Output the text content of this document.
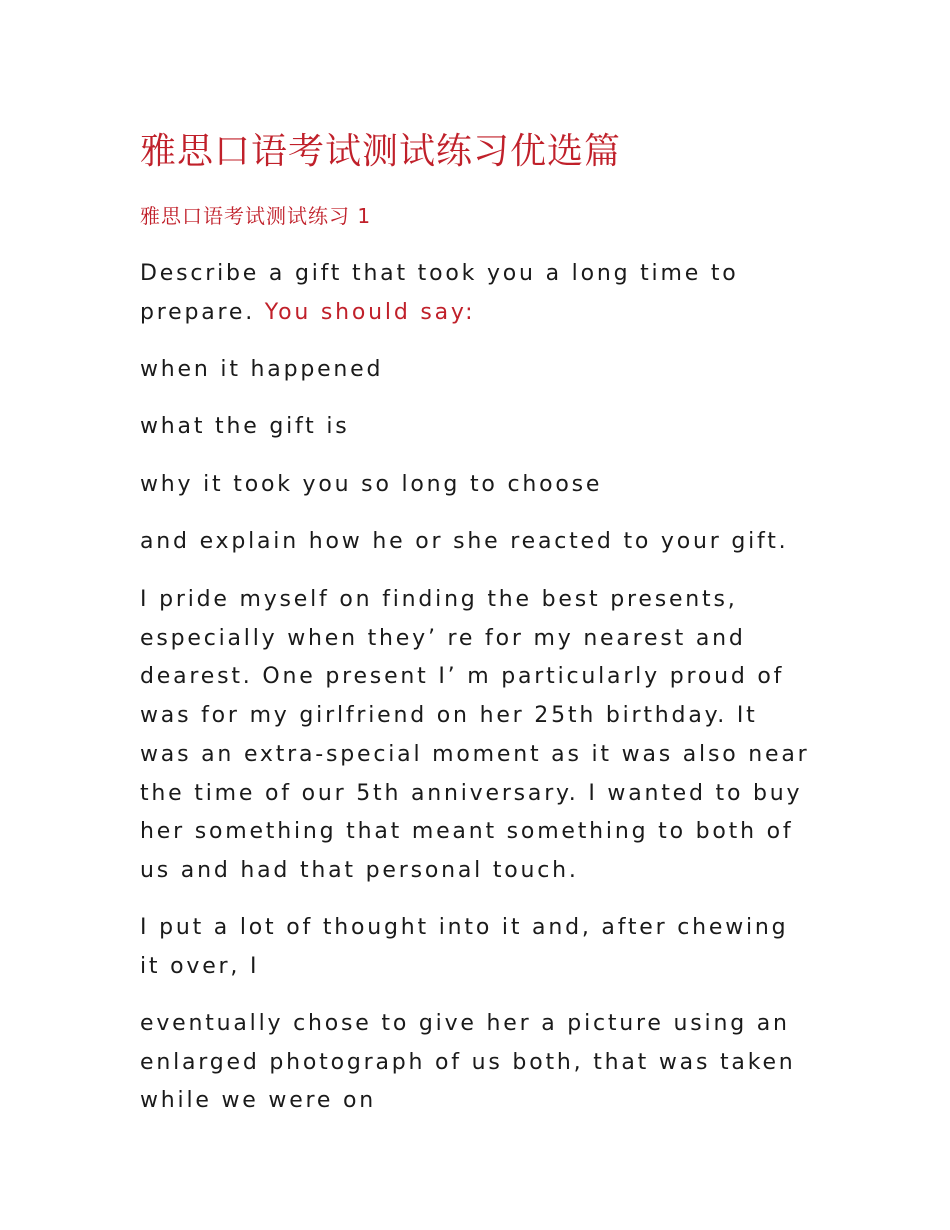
雅思口语考试测试练习优选篇
雅思口语考试测试练习 1
Describe a gift that took you a long time to
prepare. You should say:
when it happened
what the gift is
why it took you so long to choose
and explain how he or she reacted to your gift.
I pride myself on finding the best presents,
especially when they’ re for my nearest and
dearest. One present I’ m particularly proud of
was for my girlfriend on her 25th birthday. It
was an extra-special moment as it was also near
the time of our 5th anniversary. I wanted to buy
her something that meant something to both of
us and had that personal touch.
I put a lot of thought into it and, after chewing
it over, I
eventually chose to give her a picture using an
enlarged photograph of us both, that was taken
while we were on
